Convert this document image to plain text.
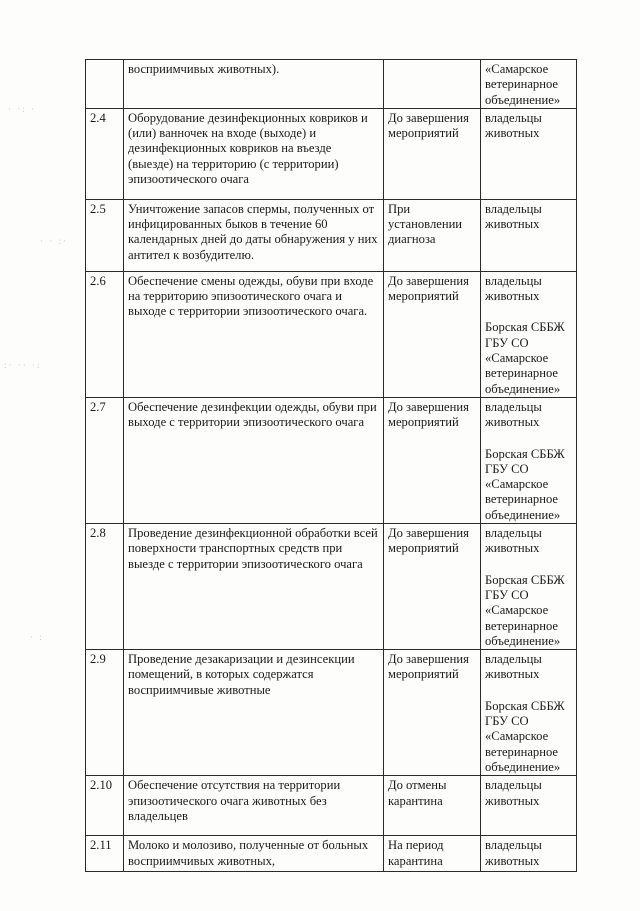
· ·: ·
· · :·
:· ·· ·:
· :
	восприимчивых животных).		«Самарское ветеринарное объединение»

2.4	Оборудование дезинфекционных ковриков и (или) ванночек на входе (выходе) и дезинфекционных ковриков на въезде (выезде) на территорию (с территории) эпизоотического очага	До завершения мероприятий	владельцы животных

2.5	Уничтожение запасов спермы, полученных от инфицированных быков в течение 60 календарных дней до даты обнаружения у них антител к возбудителю.	При установлении диагноза	владельцы животных

2.6	Обеспечение смены одежды, обуви при входе на территорию эпизоотического очага и выходе с территории эпизоотического очага.	До завершения мероприятий	владельцы животных
Борская СББЖ ГБУ СО «Самарское ветеринарное объединение»

2.7	Обеспечение дезинфекции одежды, обуви при выходе с территории эпизоотического очага	До завершения мероприятий	владельцы животных
Борская СББЖ ГБУ СО «Самарское ветеринарное объединение»

2.8	Проведение дезинфекционной обработки всей поверхности транспортных средств при выезде с территории эпизоотического очага	До завершения мероприятий	владельцы животных
Борская СББЖ ГБУ СО «Самарское ветеринарное объединение»

2.9	Проведение дезакаризации и дезинсекции помещений, в которых содержатся восприимчивые животные	До завершения мероприятий	владельцы животных
Борская СББЖ ГБУ СО «Самарское ветеринарное объединение»

2.10	Обеспечение отсутствия на территории эпизоотического очага животных без владельцев	До отмены карантина	владельцы животных

2.11	Молоко и молозиво, полученные от больных восприимчивых животных,	На период карантина	владельцы животных
